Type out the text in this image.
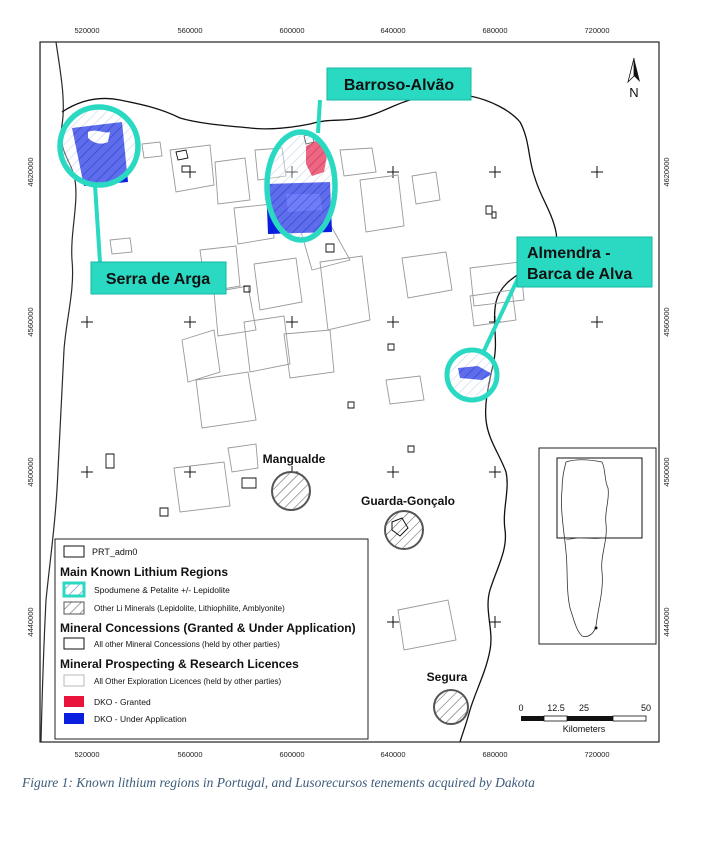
520000	560000	600000	640000	680000	720000
520000	560000	600000	640000	680000	720000
4620000
4560000
4500000
4440000
4620000
4560000
4500000
4440000
N
Barroso-Alvão
Serra de Arga
Almendra -
Barca de Alva
Mangualde
Guarda-Gonçalo
Segura
0	12.5 25	50
Kilometers
PRT_adm0
Main Known Lithium Regions
Spodumene & Petalite +/- Lepidolite
Other Li Minerals (Lepidolite, Lithiophilite, Amblyonite)
Mineral Concessions (Granted & Under Application)
All other Mineral Concessions (held by other parties)
Mineral Prospecting & Research Licences
All Other Exploration Licences (held by other parties)
DKO - Granted
DKO - Under Application
Figure 1: Known lithium regions in Portugal, and Lusorecursos tenements acquired by Dakota
